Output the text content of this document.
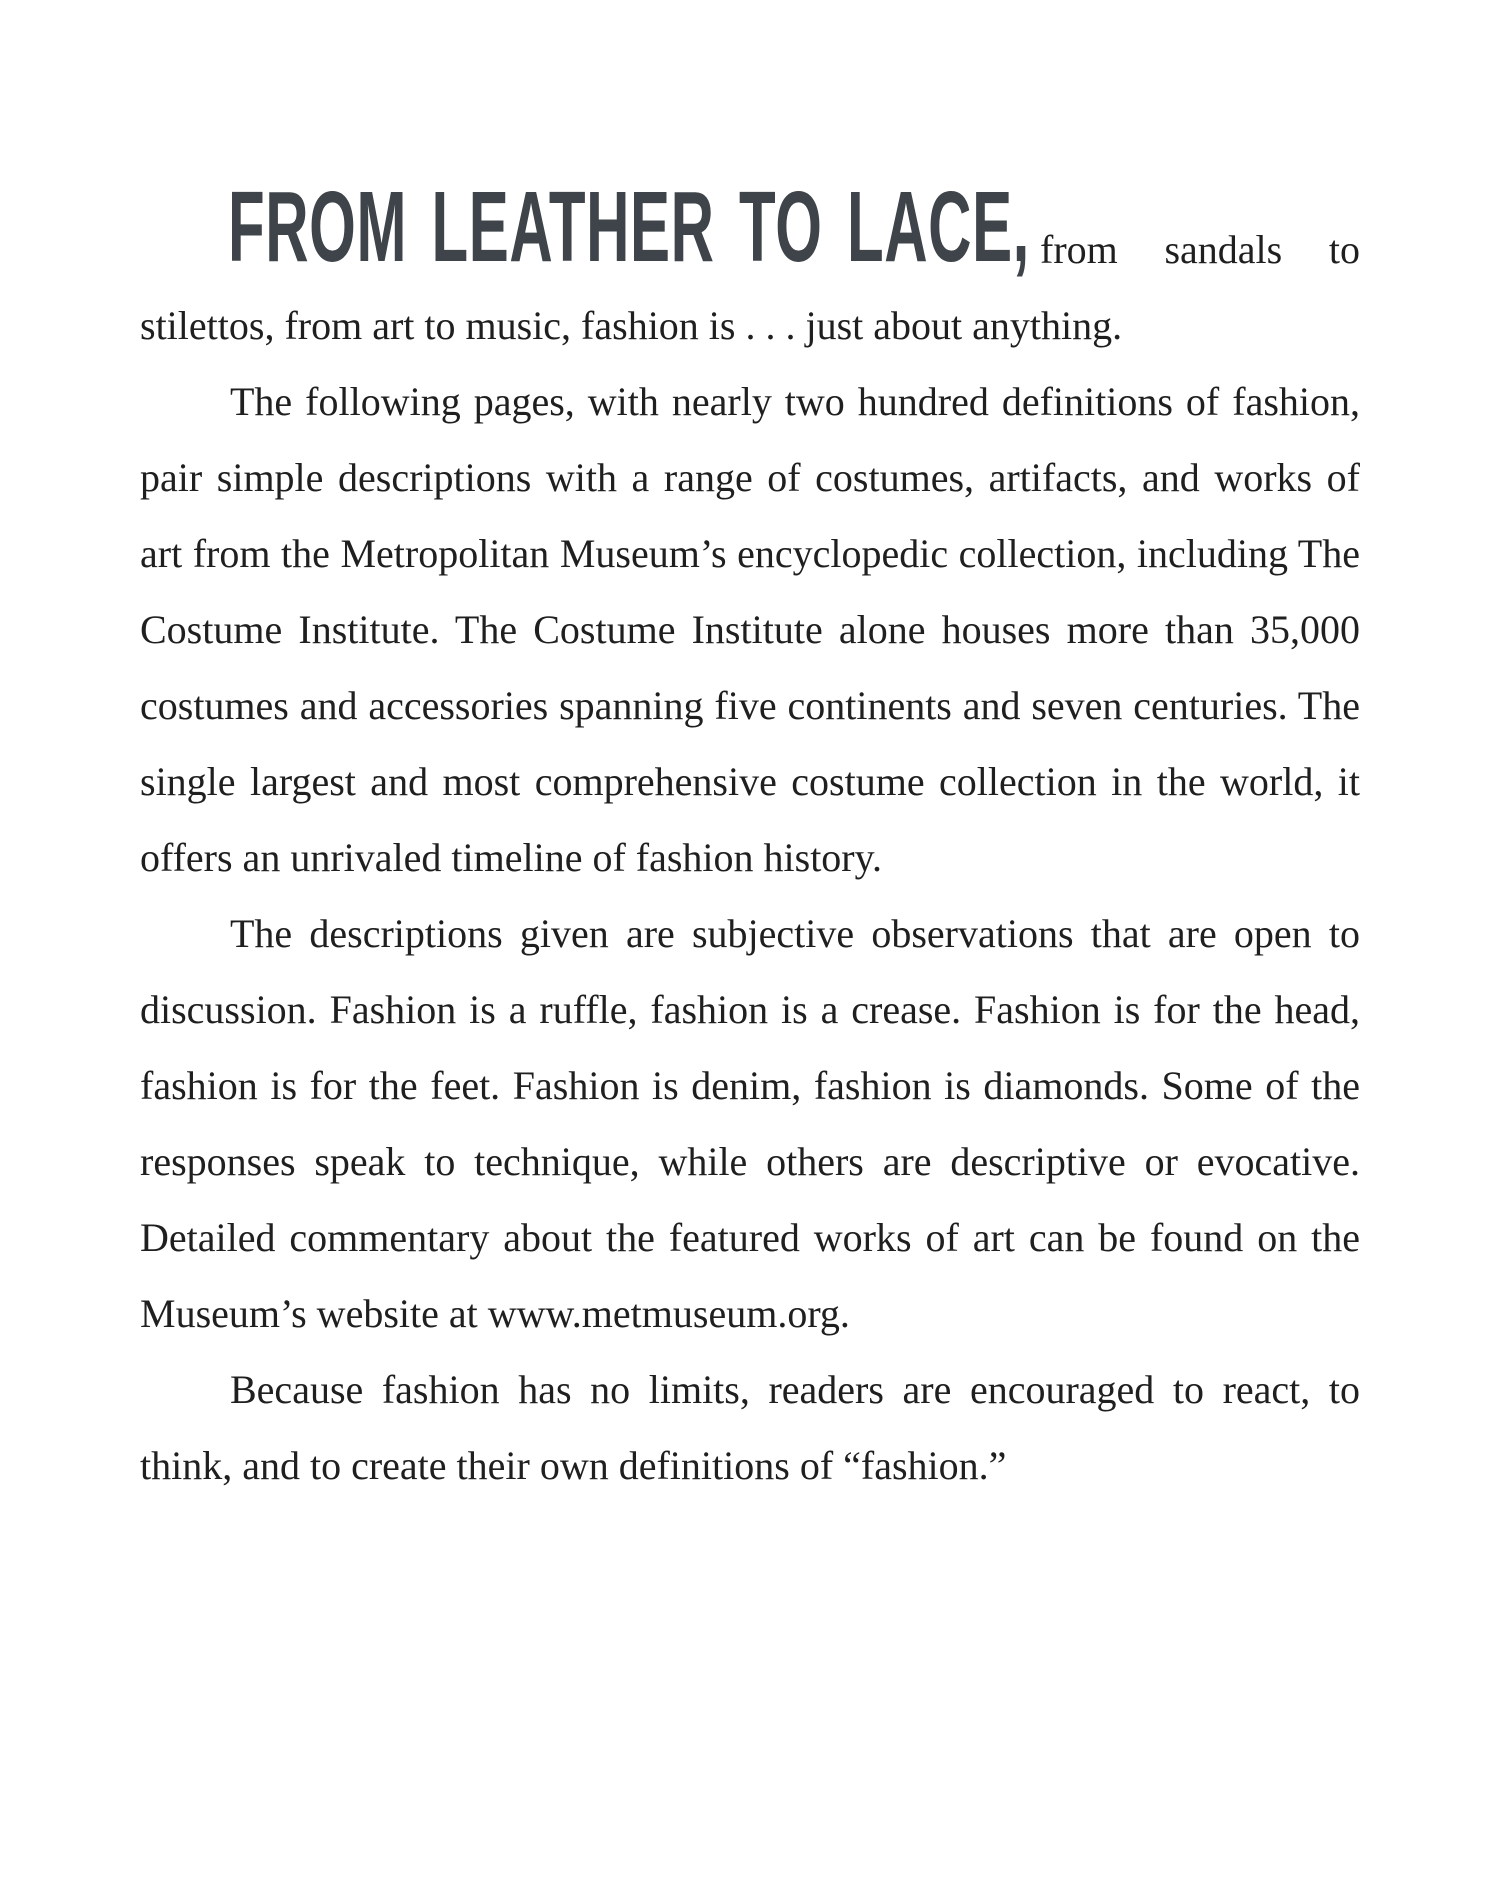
FROM LEATHER TO LACE, from sandals to stilettos, from art to music, fashion is . . . just about anything.

The following pages, with nearly two hundred definitions of fashion, pair simple descriptions with a range of costumes, artifacts, and works of art from the Metropolitan Museum’s encyclopedic collection, including The Costume Institute. The Costume Institute alone houses more than 35,000 costumes and accessories spanning five continents and seven centuries. The single largest and most comprehensive costume collection in the world, it offers an unrivaled timeline of fashion history.

The descriptions given are subjective observations that are open to discussion. Fashion is a ruffle, fashion is a crease. Fashion is for the head, fashion is for the feet. Fashion is denim, fashion is diamonds. Some of the responses speak to technique, while others are descriptive or evocative. Detailed commentary about the featured works of art can be found on the Museum’s website at www.metmuseum.org.

Because fashion has no limits, readers are encouraged to react, to think, and to create their own definitions of “fashion.”
